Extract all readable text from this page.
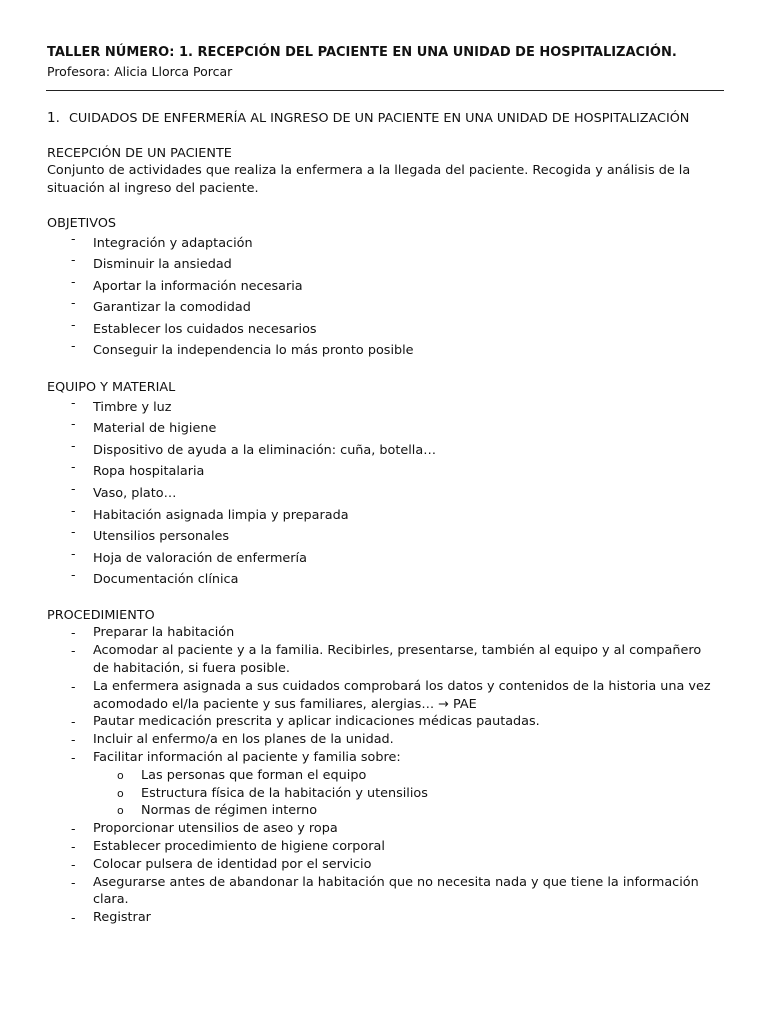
TALLER NÚMERO: 1. RECEPCIÓN DEL PACIENTE EN UNA UNIDAD DE HOSPITALIZACIÓN.
Profesora: Alicia Llorca Porcar
1. CUIDADOS DE ENFERMERÍA AL INGRESO DE UN PACIENTE EN UNA UNIDAD DE HOSPITALIZACIÓN

RECEPCIÓN DE UN PACIENTE

Conjunto de actividades que realiza la enfermera a la llegada del paciente. Recogida y análisis de la situación al ingreso del paciente.

OBJETIVOS

-	Integración y adaptación
-	Disminuir la ansiedad
-	Aportar la información necesaria
-	Garantizar la comodidad
-	Establecer los cuidados necesarios
-	Conseguir la independencia lo más pronto posible

EQUIPO Y MATERIAL

-	Timbre y luz
-	Material de higiene
-	Dispositivo de ayuda a la eliminación: cuña, botella…
-	Ropa hospitalaria
-	Vaso, plato…
-	Habitación asignada limpia y preparada
-	Utensilios personales
-	Hoja de valoración de enfermería
-	Documentación clínica

PROCEDIMIENTO

-	Preparar la habitación
-	Acomodar al paciente y a la familia. Recibirles, presentarse, también al equipo y al compañero de habitación, si fuera posible.
-	La enfermera asignada a sus cuidados comprobará los datos y contenidos de la historia una vez acomodado el/la paciente y sus familiares, alergias… → PAE
-	Pautar medicación prescrita y aplicar indicaciones médicas pautadas.
-	Incluir al enfermo/a en los planes de la unidad.
-	Facilitar información al paciente y familia sobre:
o	Las personas que forman el equipo
o	Estructura física de la habitación y utensilios
o	Normas de régimen interno
-	Proporcionar utensilios de aseo y ropa
-	Establecer procedimiento de higiene corporal
-	Colocar pulsera de identidad por el servicio
-	Asegurarse antes de abandonar la habitación que no necesita nada y que tiene la información clara.
-	Registrar
